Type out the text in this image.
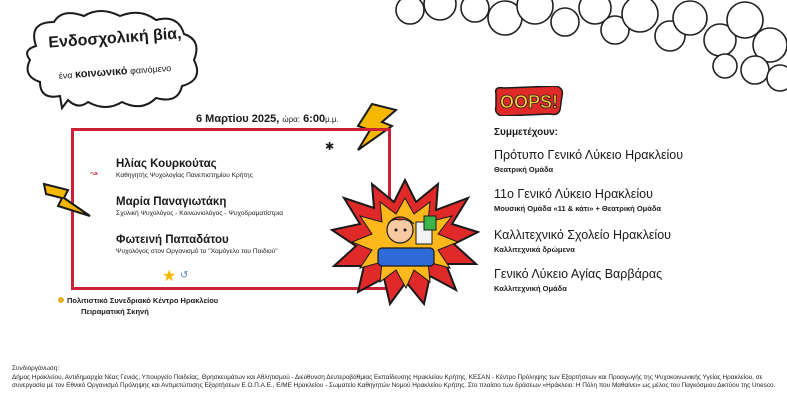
Ενδοσχολική βία,
ένα κοινωνικό φαινόμενο
6 Μαρτίου 2025, ώρα: 6:00μ.μ.
✱
↝
★ ↺
Ηλίας Κουρκούτας
Καθηγητής Ψυχολογίας Πανεπιστημίου Κρήτης
Μαρία Παναγιωτάκη
Σχολική Ψυχολόγος - Κοινωνιολόγος - Ψυχοδραματίστρια
Φωτεινή Παπαδάτου
Ψυχολόγος στον Οργανισμό το "Χαμόγελο του Παιδιού"
Πολιτιστικό Συνεδριακό Κέντρο Ηρακλείου
Πειραματική Σκηνή
OOPS!
Συμμετέχουν:
Πρότυπο Γενικό Λύκειο Ηρακλείου
Θεατρική Ομάδα
11ο Γενικό Λύκειο Ηρακλείου
Μουσική Ομάδα «11 & κάτι» + Θεατρική Ομάδα
Καλλιτεχνικό Σχολείο Ηρακλείου
Καλλιτεχνικά δρώμενα
Γενικό Λύκειο Αγίας Βαρβάρας
Καλλιτεχνική Ομάδα
Συνδιοργάνωση:
Δήμος Ηρακλείου, Αντιδημαρχία Νέας Γενιάς, Υπουργείο Παιδείας, Θρησκευμάτων και Αθλητισμού - Διεύθυνση Δευτεροβάθμιας Εκπαίδευσης Ηρακλείου Κρήτης, ΚΕΣΑΝ - Κέντρο Πρόληψης των Εξαρτήσεων και Προαγωγής της Ψυχοκοινωνικής Υγείας Ηρακλείου, σε συνεργασία με τον Εθνικό Οργανισμό Πρόληψης και Αντιμετώπισης Εξαρτήσεων Ε.Ο.Π.Α.Ε., Ε/ΜΕ Ηρακλείου - Σωματείο Καθηγητών Νομού Ηρακλείου Κρήτης. Στο πλαίσιο των δράσεων «Ηράκλειο: Η Πόλη που Μαθαίνει» ως μέλος του Παγκόσμιου Δικτύου της Unesco.
